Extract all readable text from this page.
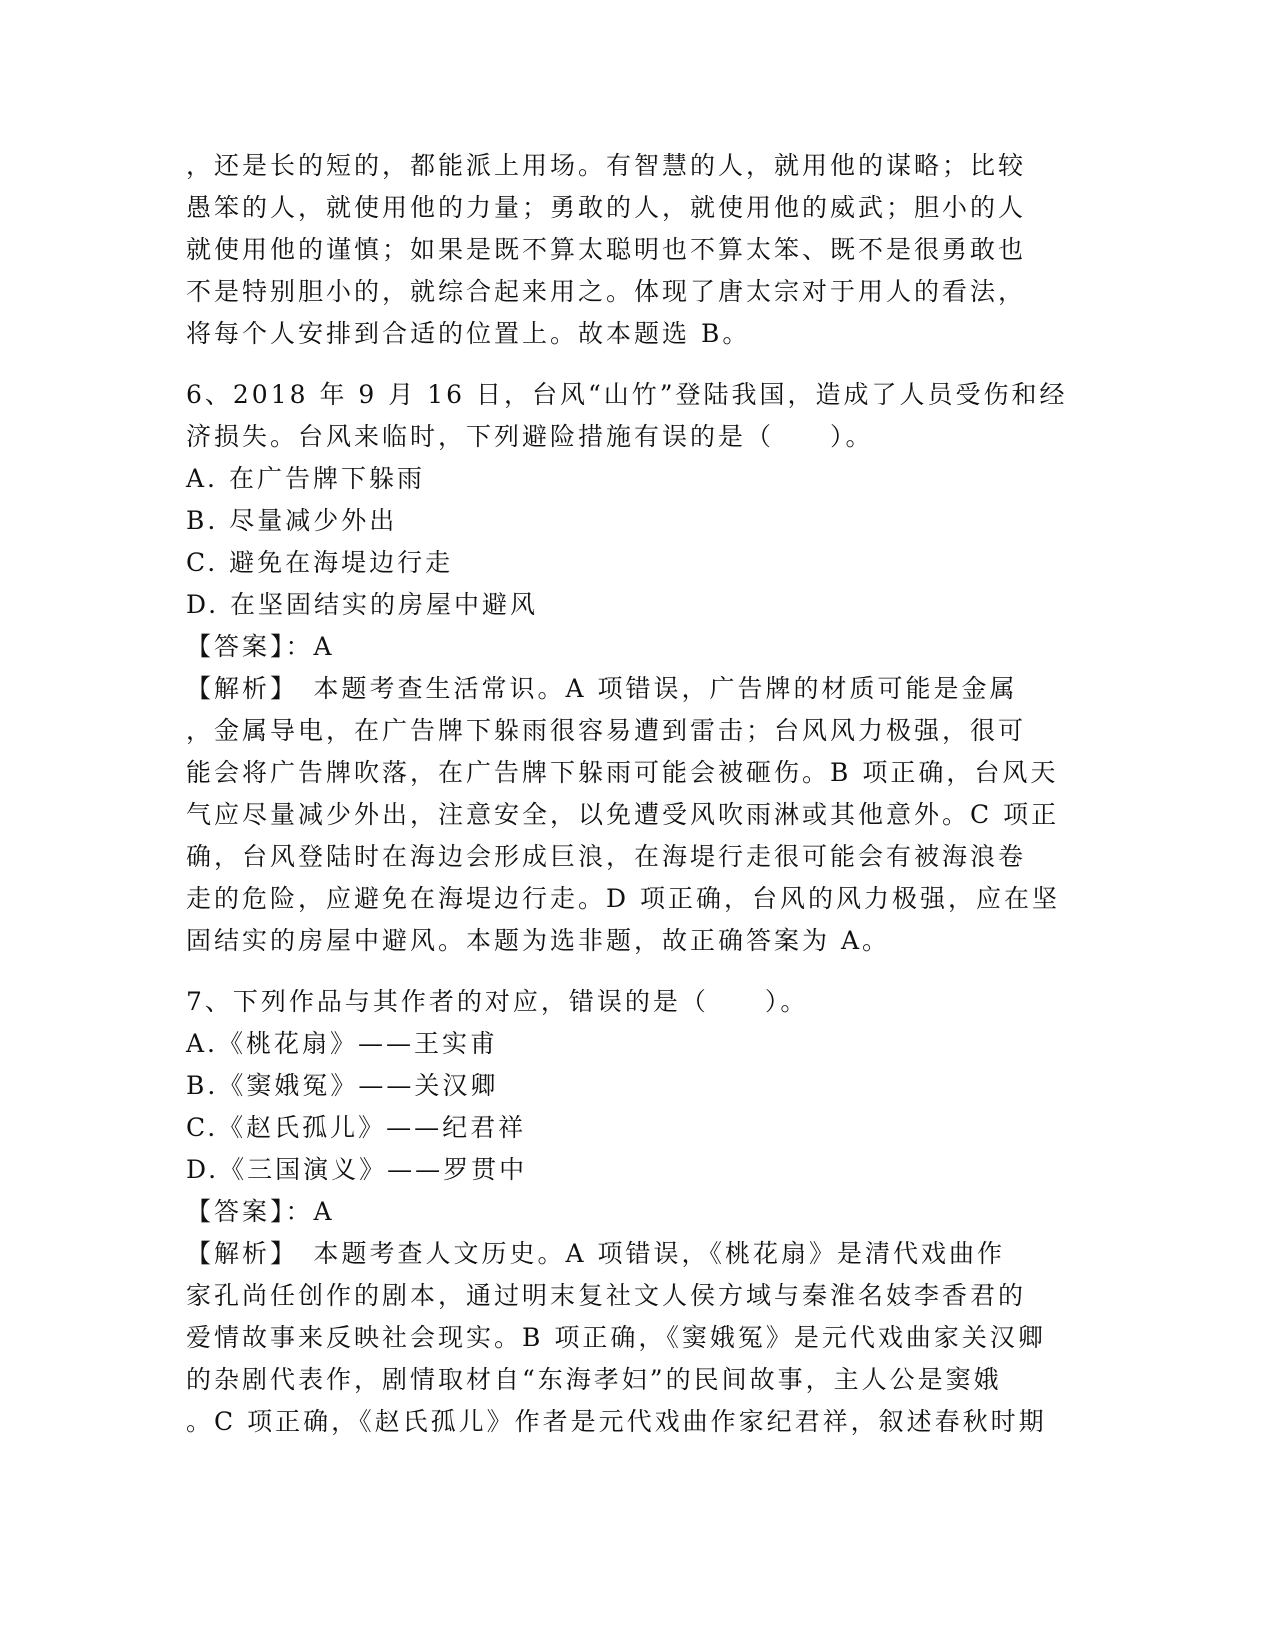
，还是长的短的，都能派上用场。有智慧的人，就用他的谋略；比较
愚笨的人，就使用他的力量；勇敢的人，就使用他的威武；胆小的人
就使用他的谨慎；如果是既不算太聪明也不算太笨、既不是很勇敢也
不是特别胆小的，就综合起来用之。体现了唐太宗对于用人的看法，
将每个人安排到合适的位置上。故本题选 B。
6、2018 年 9 月 16 日，台风“山竹”登陆我国，造成了人员受伤和经
济损失。台风来临时，下列避险措施有误的是（　　）。
A. 在广告牌下躲雨
B. 尽量减少外出
C. 避免在海堤边行走
D. 在坚固结实的房屋中避风
【答案】：A
【解析】　本题考查生活常识。A 项错误，广告牌的材质可能是金属
，金属导电，在广告牌下躲雨很容易遭到雷击；台风风力极强，很可
能会将广告牌吹落，在广告牌下躲雨可能会被砸伤。B 项正确，台风天
气应尽量减少外出，注意安全，以免遭受风吹雨淋或其他意外。C 项正
确，台风登陆时在海边会形成巨浪，在海堤行走很可能会有被海浪卷
走的危险，应避免在海堤边行走。D 项正确，台风的风力极强，应在坚
固结实的房屋中避风。本题为选非题，故正确答案为 A。
7、下列作品与其作者的对应，错误的是（　　）。
A.《桃花扇》——王实甫
B.《窦娥冤》——关汉卿
C.《赵氏孤儿》——纪君祥
D.《三国演义》——罗贯中
【答案】：A
【解析】　本题考查人文历史。A 项错误，《桃花扇》是清代戏曲作
家孔尚任创作的剧本，通过明末复社文人侯方域与秦淮名妓李香君的
爱情故事来反映社会现实。B 项正确，《窦娥冤》是元代戏曲家关汉卿
的杂剧代表作，剧情取材自“东海孝妇”的民间故事，主人公是窦娥
。C 项正确，《赵氏孤儿》作者是元代戏曲作家纪君祥，叙述春秋时期
